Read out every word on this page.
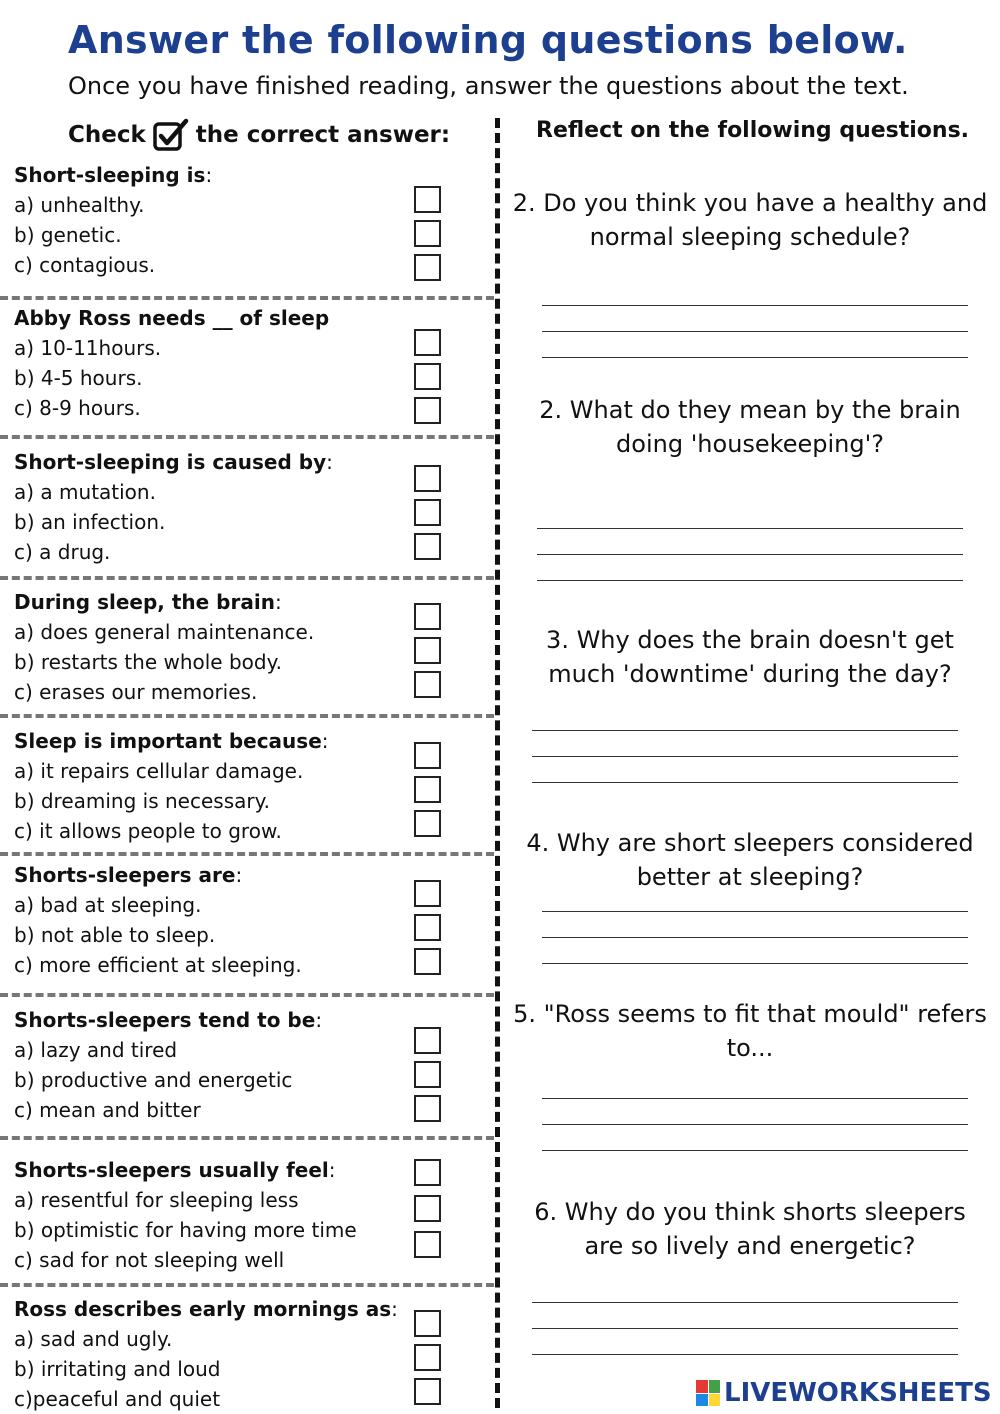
Answer the following questions below.
Once you have finished reading, answer the questions about the text.
Check the correct answer:	Reflect on the following questions.
Short-sleeping is:
a) unhealthy.
b) genetic.
c) contagious.
Abby Ross needs __ of sleep
a) 10-11hours.
b) 4-5 hours.
c) 8-9 hours.
Short-sleeping is caused by:
a) a mutation.
b) an infection.
c) a drug.
During sleep, the brain:
a) does general maintenance.
b) restarts the whole body.
c) erases our memories.
Sleep is important because:
a) it repairs cellular damage.
b) dreaming is necessary.
c) it allows people to grow.
Shorts-sleepers are:
a) bad at sleeping.
b) not able to sleep.
c) more efficient at sleeping.
Shorts-sleepers tend to be:
a) lazy and tired
b) productive and energetic
c) mean and bitter
Shorts-sleepers usually feel:
a) resentful for sleeping less
b) optimistic for having more time
c) sad for not sleeping well
Ross describes early mornings as:
a) sad and ugly.
b) irritating and loud
c)peaceful and quiet
2. Do you think you have a healthy and normal sleeping schedule?
2. What do they mean by the brain doing 'housekeeping'?
3. Why does the brain doesn't get much 'downtime' during the day?
4. Why are short sleepers considered better at sleeping?
5. "Ross seems to fit that mould" refers to...
6. Why do you think shorts sleepers are so lively and energetic?
LIVEWORKSHEETS
